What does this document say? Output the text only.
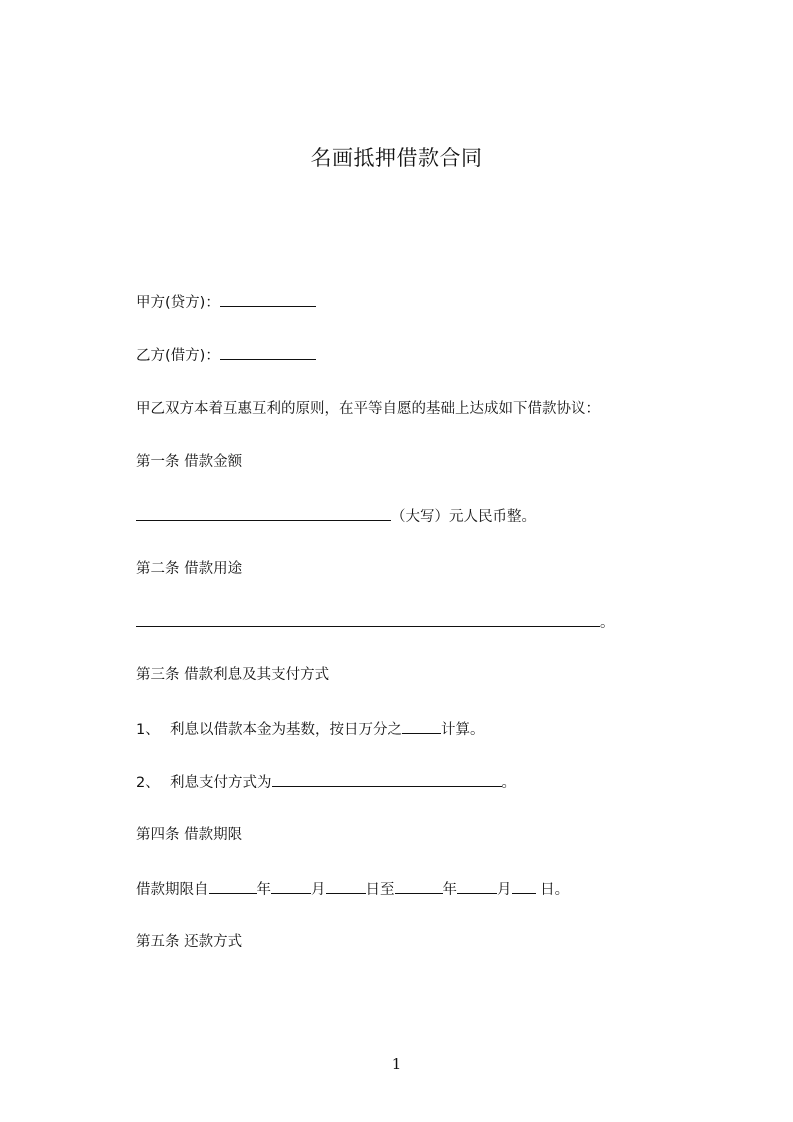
名画抵押借款合同
甲方(贷方)：
乙方(借方)：
甲乙双方本着互惠互利的原则，在平等自愿的基础上达成如下借款协议：
第一条 借款金额
（大写）元人民币整。
第二条 借款用途
。
第三条 借款利息及其支付方式
1、 利息以借款本金为基数，按日万分之	计算。
2、 利息支付方式为	。
第四条 借款期限
借款期限自	年	月	日至	年	月 日。
第五条 还款方式
1
